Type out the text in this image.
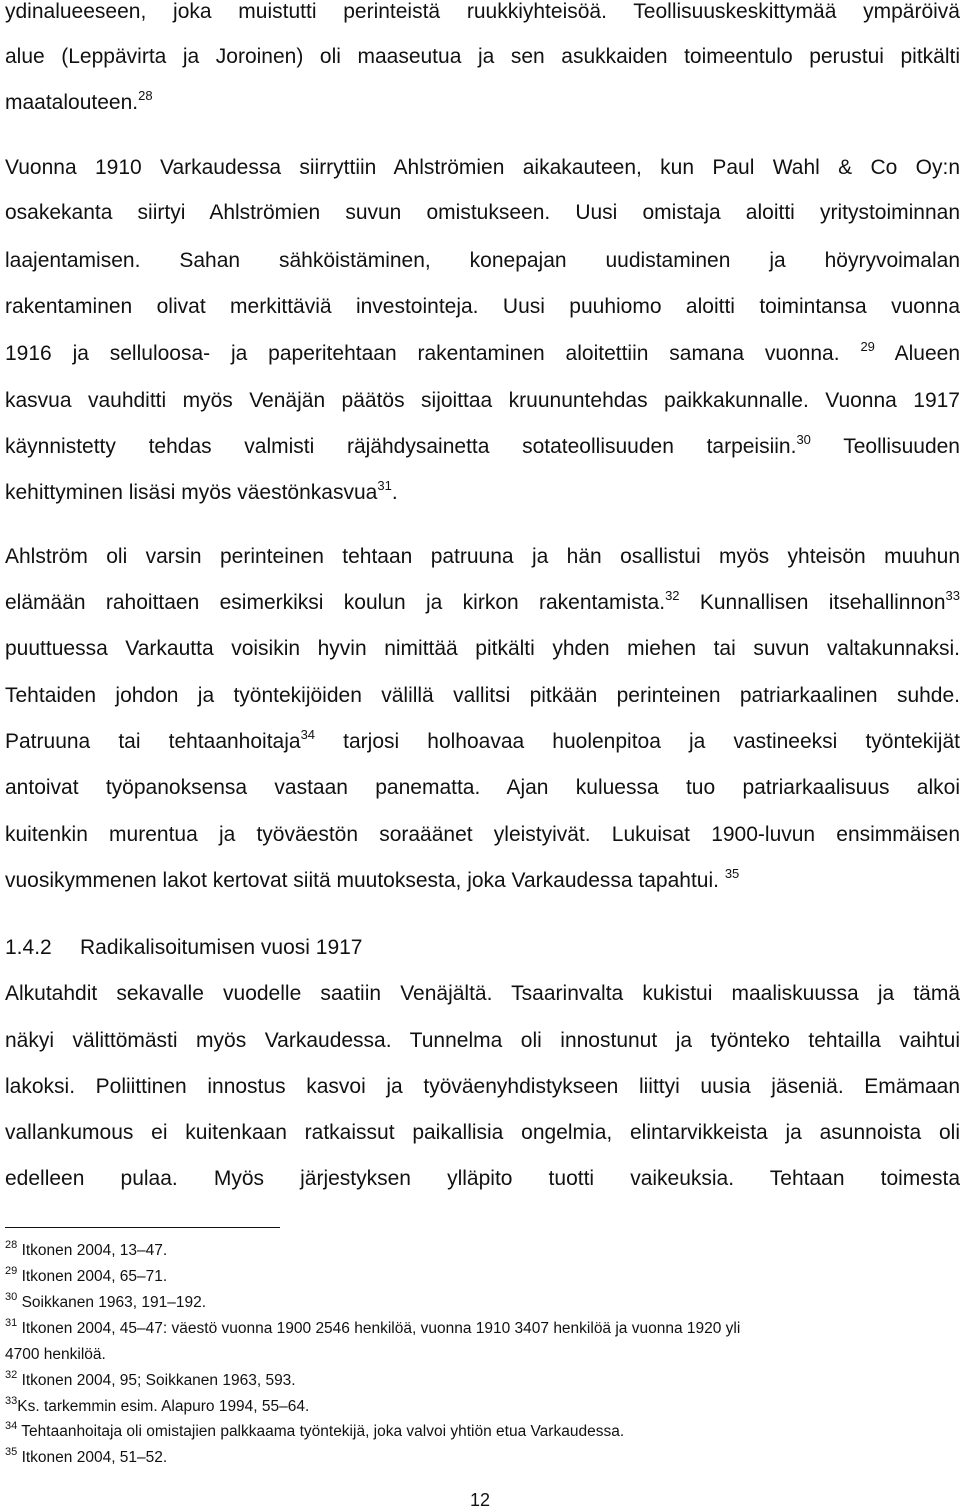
ydinalueeseen, joka muistutti perinteistä ruukkiyhteisöä. Teollisuuskeskittymää ympäröivä
alue (Leppävirta ja Joroinen) oli maaseutua ja sen asukkaiden toimeentulo perustui pitkälti
maatalouteen.$^{28}$
Vuonna 1910 Varkaudessa siirryttiin Ahlströmien aikakauteen, kun Paul Wahl & Co Oy:n
osakekanta siirtyi Ahlströmien suvun omistukseen. Uusi omistaja aloitti yritystoiminnan
laajentamisen. Sahan sähköistäminen, konepajan uudistaminen ja höyryvoimalan
rakentaminen olivat merkittäviä investointeja. Uusi puuhiomo aloitti toimintansa vuonna
1916 ja selluloosa- ja paperitehtaan rakentaminen aloitettiin samana vuonna. $^{29}$ Alueen
kasvua vauhditti myös Venäjän päätös sijoittaa kruununtehdas paikkakunnalle. Vuonna 1917
käynnistetty tehdas valmisti räjähdysainetta sotateollisuuden tarpeisiin.$^{30}$ Teollisuuden
kehittyminen lisäsi myös väestönkasvua$^{31}$.
Ahlström oli varsin perinteinen tehtaan patruuna ja hän osallistui myös yhteisön muuhun
elämään rahoittaen esimerkiksi koulun ja kirkon rakentamista.$^{32}$ Kunnallisen itsehallinnon$^{33}$
puuttuessa Varkautta voisikin hyvin nimittää pitkälti yhden miehen tai suvun valtakunnaksi.
Tehtaiden johdon ja työntekijöiden välillä vallitsi pitkään perinteinen patriarkaalinen suhde.
Patruuna tai tehtaanhoitaja$^{34}$ tarjosi holhoavaa huolenpitoa ja vastineeksi työntekijät
antoivat työpanoksensa vastaan panematta. Ajan kuluessa tuo patriarkaalisuus alkoi
kuitenkin murentua ja työväestön soraäänet yleistyivät. Lukuisat 1900-luvun ensimmäisen
vuosikymmenen lakot kertovat siitä muutoksesta, joka Varkaudessa tapahtui. $^{35}$
1.4.2 Radikalisoitumisen vuosi 1917
Alkutahdit sekavalle vuodelle saatiin Venäjältä. Tsaarinvalta kukistui maaliskuussa ja tämä
näkyi välittömästi myös Varkaudessa. Tunnelma oli innostunut ja työnteko tehtailla vaihtui
lakoksi. Poliittinen innostus kasvoi ja työväenyhdistykseen liittyi uusia jäseniä. Emämaan
vallankumous ei kuitenkaan ratkaissut paikallisia ongelmia, elintarvikkeista ja asunnoista oli
edelleen pulaa. Myös järjestyksen ylläpito tuotti vaikeuksia. Tehtaan toimesta
$^{28}$ Itkonen 2004, 13–47.
$^{29}$ Itkonen 2004, 65–71.
$^{30}$ Soikkanen 1963, 191–192.
$^{31}$ Itkonen 2004, 45–47: väestö vuonna 1900 2546 henkilöä, vuonna 1910 3407 henkilöä ja vuonna 1920 yli
4700 henkilöä.
$^{32}$ Itkonen 2004, 95; Soikkanen 1963, 593.
$^{33}$Ks. tarkemmin esim. Alapuro 1994, 55–64.
$^{34}$ Tehtaanhoitaja oli omistajien palkkaama työntekijä, joka valvoi yhtiön etua Varkaudessa.
$^{35}$ Itkonen 2004, 51–52.
12
